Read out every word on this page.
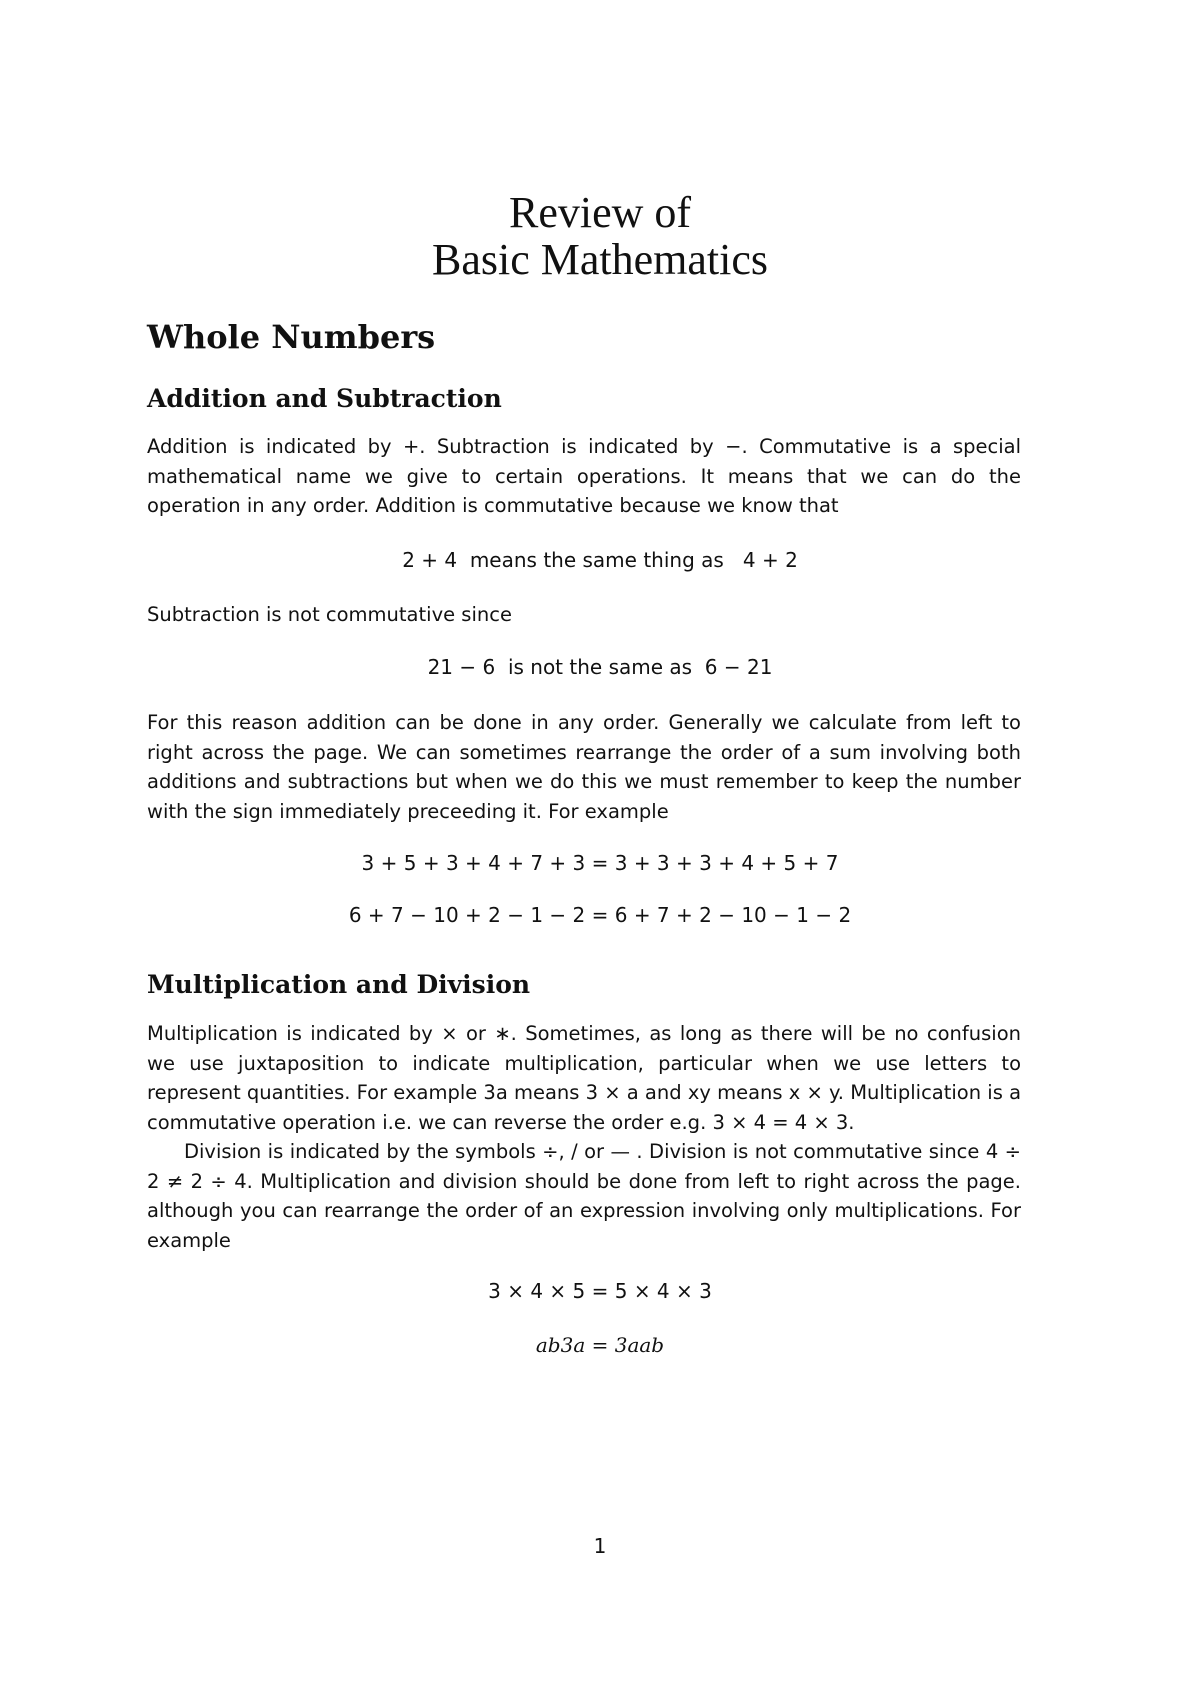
Review of
Basic Mathematics
Whole Numbers
Addition and Subtraction

Addition is indicated by +. Subtraction is indicated by −. Commutative is a special mathematical name we give to certain operations. It means that we can do the operation in any order. Addition is commutative because we know that

2 + 4  means the same thing as   4 + 2

Subtraction is not commutative since

21 − 6  is not the same as  6 − 21

For this reason addition can be done in any order. Generally we calculate from left to right across the page. We can sometimes rearrange the order of a sum involving both additions and subtractions but when we do this we must remember to keep the number with the sign immediately preceeding it. For example

3 + 5 + 3 + 4 + 7 + 3 = 3 + 3 + 3 + 4 + 5 + 7
6 + 7 − 10 + 2 − 1 − 2 = 6 + 7 + 2 − 10 − 1 − 2
Multiplication and Division

Multiplication is indicated by × or ∗. Sometimes, as long as there will be no confusion we use juxtaposition to indicate multiplication, particular when we use letters to represent quantities. For example 3a means 3 × a and xy means x × y. Multiplication is a commutative operation i.e. we can reverse the order e.g. 3 × 4 = 4 × 3.

Division is indicated by the symbols ÷, / or — . Division is not commutative since 4 ÷ 2 ≠ 2 ÷ 4. Multiplication and division should be done from left to right across the page. although you can rearrange the order of an expression involving only multiplications. For example

3 × 4 × 5 = 5 × 4 × 3
ab3a = 3aab
1
